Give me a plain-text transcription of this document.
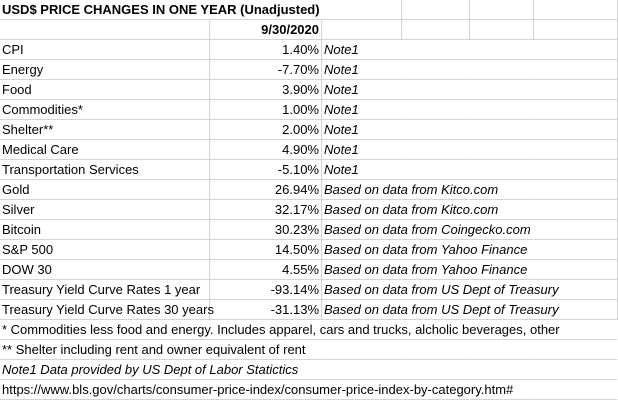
USD$ PRICE CHANGES IN ONE YEAR (Unadjusted)
9/30/2020
CPI	1.40% Note1
Energy	-7.70% Note1
Food	3.90% Note1
Commodities*	1.00% Note1
Shelter**	2.00% Note1
Medical Care	4.90% Note1
Transportation Services	-5.10% Note1
Gold	26.94% Based on data from Kitco.com
Silver	32.17% Based on data from Kitco.com
Bitcoin	30.23% Based on data from Coingecko.com
S&P 500	14.50% Based on data from Yahoo Finance
DOW 30	4.55% Based on data from Yahoo Finance
Treasury Yield Curve Rates 1 year	-93.14% Based on data from US Dept of Treasury
Treasury Yield Curve Rates 30 years	-31.13% Based on data from US Dept of Treasury
* Commodities less food and energy. Includes apparel, cars and trucks, alcholic beverages, other
** Shelter including rent and owner equivalent of rent
Note1 Data provided by US Dept of Labor Statictics
https://www.bls.gov/charts/consumer-price-index/consumer-price-index-by-category.htm#
